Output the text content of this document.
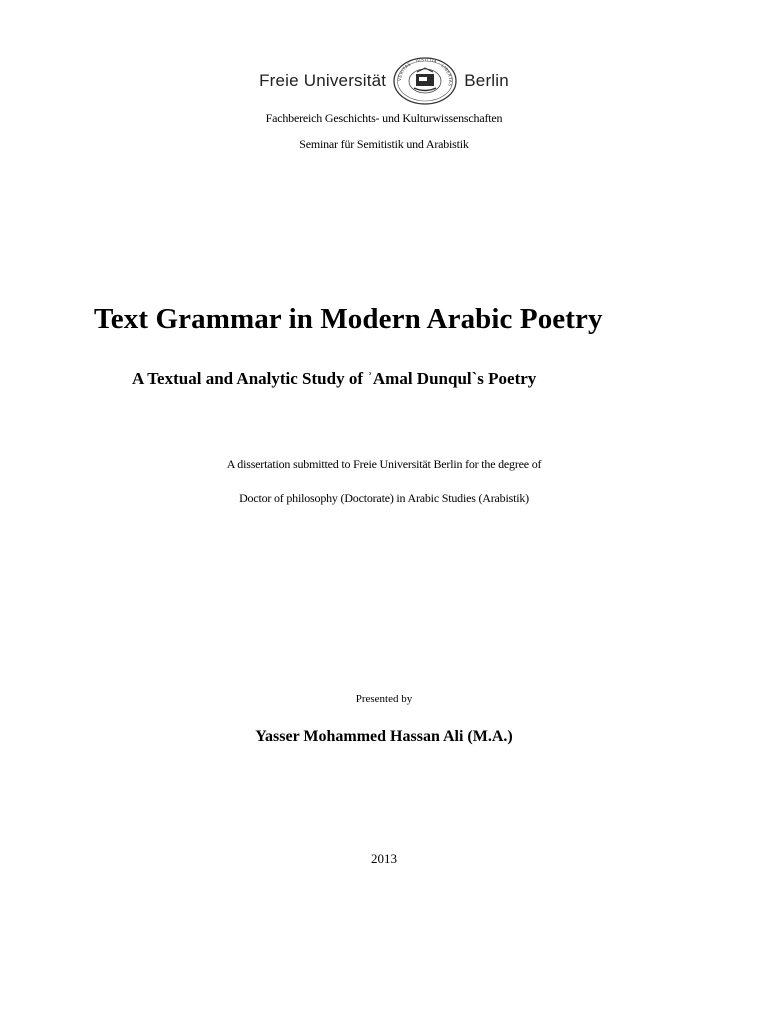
Freie Universität	VERITAS · IUSTITIA · LIBERTAS Berlin
Fachbereich Geschichts- und Kulturwissenschaften
Seminar für Semitistik und Arabistik
Text Grammar in Modern Arabic Poetry
A Textual and Analytic Study of ʾAmal Dunqul`s Poetry
A dissertation submitted to Freie Universität Berlin for the degree of
Doctor of philosophy (Doctorate) in Arabic Studies (Arabistik)
Presented by
Yasser Mohammed Hassan Ali (M.A.)
2013
